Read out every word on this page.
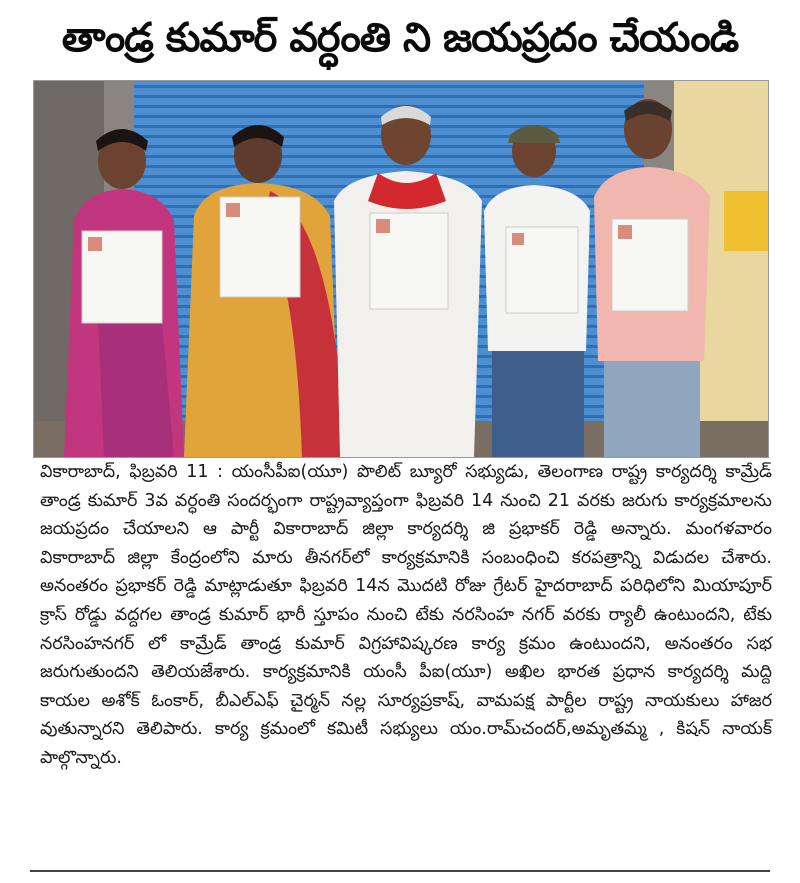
తాండ్ర కుమార్ వర్ధంతి ని జయప్రదం చేయండి
వికారాబాద్, ఫిబ్రవరి 11 : యంసీపీఐ(యూ) పొలిట్ బ్యూరో సభ్యుడు, తెలంగాణ రాష్ట్ర కార్యదర్శి కామ్రేడ్ తాండ్ర కుమార్ 3వ వర్ధంతి సందర్భంగా రాష్ట్రవ్యాప్తంగా ఫిబ్రవరి 14 నుంచి 21 వరకు జరుగు కార్యక్రమాలను జయప్రదం చేయాలని ఆ పార్టీ వికారాబాద్ జిల్లా కార్యదర్శి జి ప్రభాకర్ రెడ్డి అన్నారు. మంగళవారం వికారాబాద్ జిల్లా కేంద్రంలోని మారు తీనగర్‌లో కార్యక్రమానికి సంబంధించి కరపత్రాన్ని విడుదల చేశారు. అనంతరం ప్రభాకర్ రెడ్డి మాట్లాడుతూ ఫిబ్రవరి 14న మొదటి రోజు గ్రేటర్ హైదరాబాద్ పరిధిలోని మియాపూర్ క్రాస్ రోడ్డు వద్దగల తాండ్ర కుమార్ భారీ స్తూపం నుంచి టేకు నరసింహ నగర్ వరకు ర్యాలీ ఉంటుందని, టేకు నరసింహనగర్ లో కామ్రేడ్ తాండ్ర కుమార్ విగ్రహావిష్కరణ కార్య క్రమం ఉంటుందని, అనంతరం సభ జరుగుతుందని తెలియజేశారు. కార్యక్రమానికి యంసీ పీఐ(యూ) అఖిల భారత ప్రధాన కార్యదర్శి మద్ది కాయల అశోక్ ఓంకార్, బీఎల్ఎఫ్ చైర్మన్ నల్ల సూర్యప్రకాష్, వామపక్ష పార్టీల రాష్ట్ర నాయకులు హాజర వుతున్నారని తెలిపారు. కార్య క్రమంలో కమిటీ సభ్యులు యం.రామ్‌చందర్,అమృతమ్మ , కిషన్ నాయక్ పాల్గొన్నారు.
